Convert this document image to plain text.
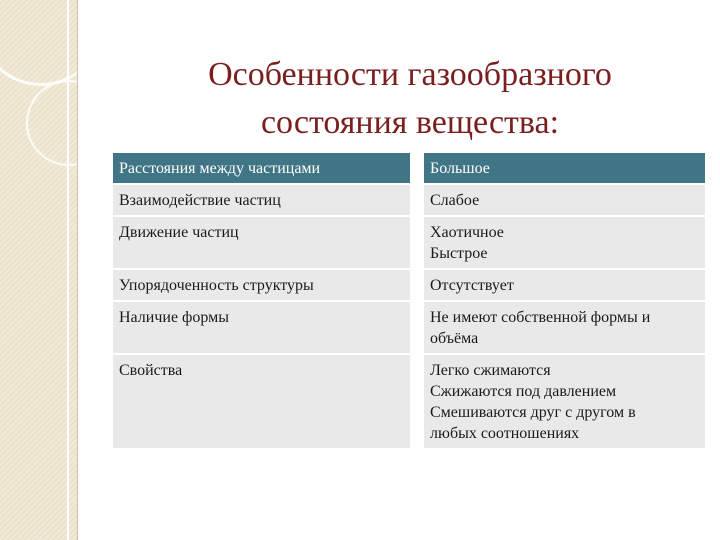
Особенности газообразного
состояния вещества:
Расстояния между частицами	Большое
Взаимодействие частиц	Слабое

Движение частиц	Хаотичное
Быстрое

Упорядоченность структуры	Отсутствует

Наличие формы	Не имеют собственной формы и
объёма

Свойства	Легко сжимаются
Сжижаются под давлением
Смешиваются друг с другом в
любых соотношениях
